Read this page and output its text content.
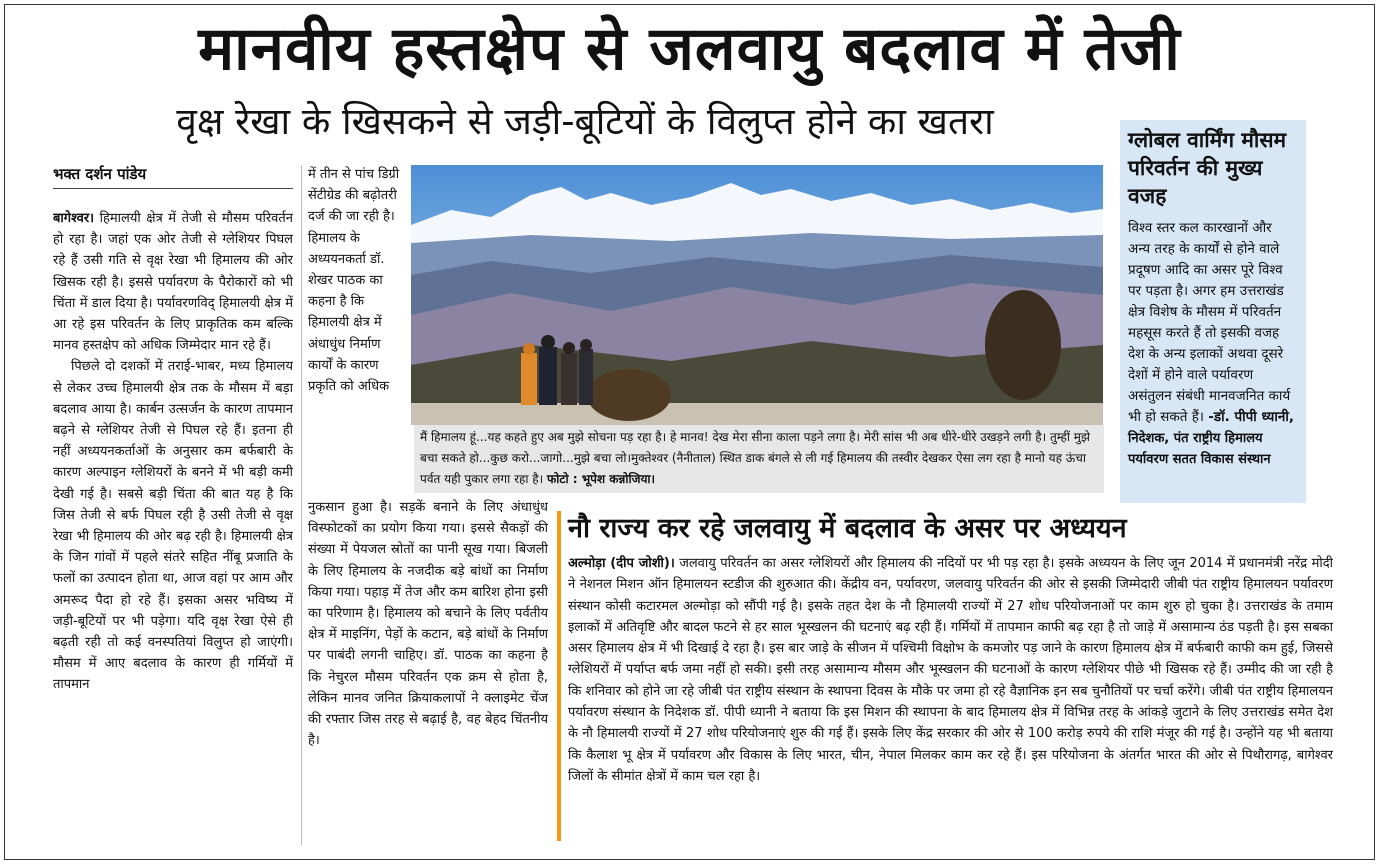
मानवीय हस्तक्षेप से जलवायु बदलाव में तेजी
वृक्ष रेखा के खिसकने से जड़ी-बूटियों के विलुप्त होने का खतरा
भक्त दर्शन पांडेय

बागेश्वर। हिमालयी क्षेत्र में तेजी से मौसम परिवर्तन हो रहा है। जहां एक ओर तेजी से ग्लेशियर पिघल रहे हैं उसी गति से वृक्ष रेखा भी हिमालय की ओर खिसक रही है। इससे पर्यावरण के पैरोकारों को भी चिंता में डाल दिया है। पर्यावरणविद् हिमालयी क्षेत्र में आ रहे इस परिवर्तन के लिए प्राकृतिक कम बल्कि मानव हस्तक्षेप को अधिक जिम्मेदार मान रहे हैं।

पिछले दो दशकों में तराई-भाबर, मध्य हिमालय से लेकर उच्च हिमालयी क्षेत्र तक के मौसम में बड़ा बदलाव आया है। कार्बन उत्सर्जन के कारण तापमान बढ़ने से ग्लेशियर तेजी से पिघल रहे हैं। इतना ही नहीं अध्ययनकर्ताओं के अनुसार कम बर्फबारी के कारण अल्पाइन ग्लेशियरों के बनने में भी बड़ी कमी देखी गई है। सबसे बड़ी चिंता की बात यह है कि जिस तेजी से बर्फ पिघल रही है उसी तेजी से वृक्ष रेखा भी हिमालय की ओर बढ़ रही है। हिमालयी क्षेत्र के जिन गांवों में पहले संतरे सहित नींबू प्रजाति के फलों का उत्पादन होता था, आज वहां पर आम और अमरूद पैदा हो रहे हैं। इसका असर भविष्य में जड़ी-बूटियों पर भी पड़ेगा। यदि वृक्ष रेखा ऐसे ही बढ़ती रही तो कई वनस्पतियां विलुप्त हो जाएंगी। मौसम में आए बदलाव के कारण ही गर्मियों में तापमान

में तीन से पांच डिग्री सेंटीग्रेड की बढ़ोतरी दर्ज की जा रही है। हिमालय के अध्ययनकर्ता डॉ. शेखर पाठक का कहना है कि हिमालयी क्षेत्र में अंधाधुंध निर्माण कार्यों के कारण प्रकृति को अधिक
नुकसान हुआ है। सड़कें बनाने के लिए अंधाधुंध विस्फोटकों का प्रयोग किया गया। इससे सैकड़ों की संख्या में पेयजल स्रोतों का पानी सूख गया। बिजली के लिए हिमालय के नजदीक बड़े बांधों का निर्माण किया गया। पहाड़ में तेज और कम बारिश होना इसी का परिणाम है। हिमालय को बचाने के लिए पर्वतीय क्षेत्र में माइनिंग, पेड़ों के कटान, बड़े बांधों के निर्माण पर पाबंदी लगनी चाहिए। डॉ. पाठक का कहना है कि नेचुरल मौसम परिवर्तन एक क्रम से होता है, लेकिन मानव जनित क्रियाकलापों ने क्लाइमेट चेंज की रफ्तार जिस तरह से बढ़ाई है, वह बेहद चिंतनीय है।
मैं हिमालय हूं...यह कहते हुए अब मुझे सोचना पड़ रहा है। हे मानव! देख मेरा सीना काला पड़ने लगा है। मेरी सांस भी अब धीरे-धीरे उखड़ने लगी है। तुम्हीं मुझे बचा सकते हो...कुछ करो...जागो...मुझे बचा लो।मुक्तेश्वर (नैनीताल) स्थित डाक बंगले से ली गई हिमालय की तस्वीर देखकर ऐसा लग रहा है मानो यह ऊंचा पर्वत यही पुकार लगा रहा है। फोटो : भूपेश कन्नोजिया।
ग्लोबल वार्मिंग मौसम परिवर्तन की मुख्य वजह
विश्व स्तर कल कारखानों और अन्य तरह के कार्यों से होने वाले प्रदूषण आदि का असर पूरे विश्व पर पड़ता है। अगर हम उत्तराखंड क्षेत्र विशेष के मौसम में परिवर्तन महसूस करते हैं तो इसकी वजह देश के अन्य इलाकों अथवा दूसरे देशों में होने वाले पर्यावरण असंतुलन संबंधी मानवजनित कार्य भी हो सकते हैं। -डॉ. पीपी ध्यानी,
निदेशक, पंत राष्ट्रीय हिमालय पर्यावरण सतत विकास संस्थान
नौ राज्य कर रहे जलवायु में बदलाव के असर पर अध्ययन
अल्मोड़ा (दीप जोशी)। जलवायु परिवर्तन का असर ग्लेशियरों और हिमालय की नदियों पर भी पड़ रहा है। इसके अध्ययन के लिए जून 2014 में प्रधानमंत्री नरेंद्र मोदी ने नेशनल मिशन ऑन हिमालयन स्टडीज की शुरुआत की। केंद्रीय वन, पर्यावरण, जलवायु परिवर्तन की ओर से इसकी जिम्मेदारी जीबी पंत राष्ट्रीय हिमालयन पर्यावरण संस्थान कोसी कटारमल अल्मोड़ा को सौंपी गई है। इसके तहत देश के नौ हिमालयी राज्यों में 27 शोध परियोजनाओं पर काम शुरु हो चुका है। उत्तराखंड के तमाम इलाकों में अतिवृष्टि और बादल फटने से हर साल भूस्खलन की घटनाएं बढ़ रही हैं। गर्मियों में तापमान काफी बढ़ रहा है तो जाड़े में असामान्य ठंड पड़ती है। इस सबका असर हिमालय क्षेत्र में भी दिखाई दे रहा है। इस बार जाड़े के सीजन में पश्चिमी विक्षोभ के कमजोर पड़ जाने के कारण हिमालय क्षेत्र में बर्फबारी काफी कम हुई, जिससे ग्लेशियरों में पर्याप्त बर्फ जमा नहीं हो सकी। इसी तरह असामान्य मौसम और भूस्खलन की घटनाओं के कारण ग्लेशियर पीछे भी खिसक रहे हैं। उम्मीद की जा रही है कि शनिवार को होने जा रहे जीबी पंत राष्ट्रीय संस्थान के स्थापना दिवस के मौके पर जमा हो रहे वैज्ञानिक इन सब चुनौतियों पर चर्चा करेंगे। जीबी पंत राष्ट्रीय हिमालयन पर्यावरण संस्थान के निदेशक डॉ. पीपी ध्यानी ने बताया कि इस मिशन की स्थापना के बाद हिमालय क्षेत्र में विभिन्न तरह के आंकड़े जुटाने के लिए उत्तराखंड समेत देश के नौ हिमालयी राज्यों में 27 शोध परियोजनाएं शुरु की गई हैं। इसके लिए केंद्र सरकार की ओर से 100 करोड़ रुपये की राशि मंजूर की गई है। उन्होंने यह भी बताया कि कैलाश भू क्षेत्र में पर्यावरण और विकास के लिए भारत, चीन, नेपाल मिलकर काम कर रहे हैं। इस परियोजना के अंतर्गत भारत की ओर से पिथौरागढ़, बागेश्वर जिलों के सीमांत क्षेत्रों में काम चल रहा है।
